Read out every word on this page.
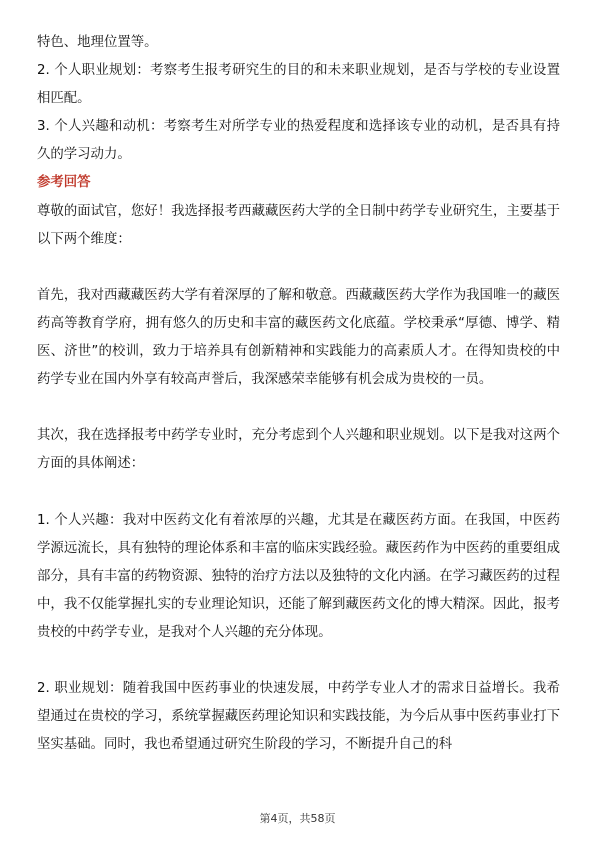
特色、地理位置等。

2. 个人职业规划：考察考生报考研究生的目的和未来职业规划，是否与学校的专业设置相匹配。

3. 个人兴趣和动机：考察考生对所学专业的热爱程度和选择该专业的动机，是否具有持久的学习动力。

参考回答

尊敬的面试官，您好！我选择报考西藏藏医药大学的全日制中药学专业研究生，主要基于以下两个维度：

首先，我对西藏藏医药大学有着深厚的了解和敬意。西藏藏医药大学作为我国唯一的藏医药高等教育学府，拥有悠久的历史和丰富的藏医药文化底蕴。学校秉承“厚德、博学、精医、济世”的校训，致力于培养具有创新精神和实践能力的高素质人才。在得知贵校的中药学专业在国内外享有较高声誉后，我深感荣幸能够有机会成为贵校的一员。

其次，我在选择报考中药学专业时，充分考虑到个人兴趣和职业规划。以下是我对这两个方面的具体阐述：

1. 个人兴趣：我对中医药文化有着浓厚的兴趣，尤其是在藏医药方面。在我国，中医药学源远流长，具有独特的理论体系和丰富的临床实践经验。藏医药作为中医药的重要组成部分，具有丰富的药物资源、独特的治疗方法以及独特的文化内涵。在学习藏医药的过程中，我不仅能掌握扎实的专业理论知识，还能了解到藏医药文化的博大精深。因此，报考贵校的中药学专业，是我对个人兴趣的充分体现。

2. 职业规划：随着我国中医药事业的快速发展，中药学专业人才的需求日益增长。我希望通过在贵校的学习，系统掌握藏医药理论知识和实践技能，为今后从事中医药事业打下坚实基础。同时，我也希望通过研究生阶段的学习，不断提升自己的科

第4页，共58页
